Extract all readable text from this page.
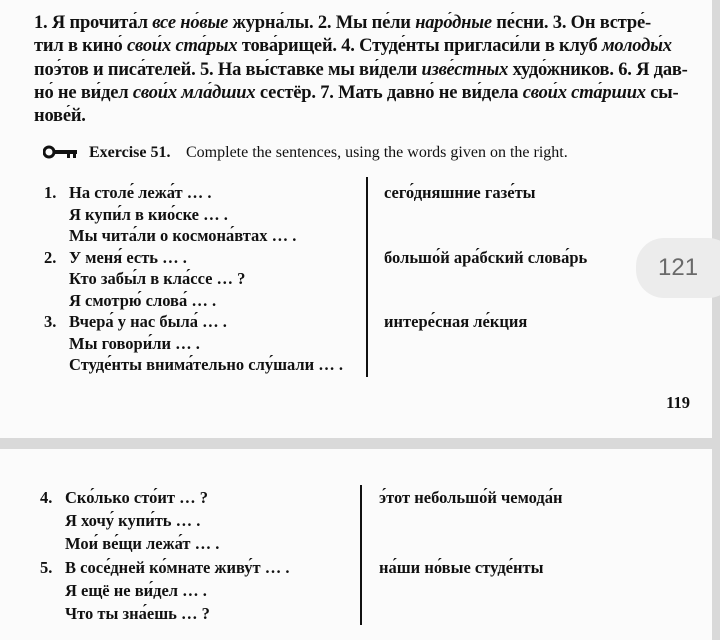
1. Я прочита́л все но́вые журна́лы. 2. Мы пе́ли наро́дные пе́сни. 3. Он встре́-
тил в кино́ свои́х ста́рых това́рищей. 4. Студе́нты пригласи́ли в клуб молоды́х
поэ́тов и писа́телей. 5. На вы́ставке мы ви́дели изве́стных худо́жников. 6. Я дав-
но́ не ви́дел свои́х мла́дших сестёр. 7. Мать давно́ не ви́дела свои́х ста́рших сы-
нове́й.
Exercise 51. Complete the sentences, using the words given on the right.
1. На столе́ лежа́т … .
Я купи́л в кио́ске … .
Мы чита́ли о космона́втах … .
сего́дняшние газе́ты
2. У меня́ есть … .
Кто забы́л в кла́ссе … ?
Я смотрю́ слова́ … .
большо́й ара́бский слова́рь
3. Вчера́ у нас была́ … .
Мы говори́ли … .
Студе́нты внима́тельно слу́шали … .
интере́сная ле́кция
119
121
4. Ско́лько сто́ит … ?
Я хочу́ купи́ть … .
Мои́ ве́щи лежа́т … .
э́тот небольшо́й чемода́н
5. В сосе́дней ко́мнате живу́т … .
Я ещё не ви́дел … .
Что ты зна́ешь … ?
на́ши но́вые студе́нты
